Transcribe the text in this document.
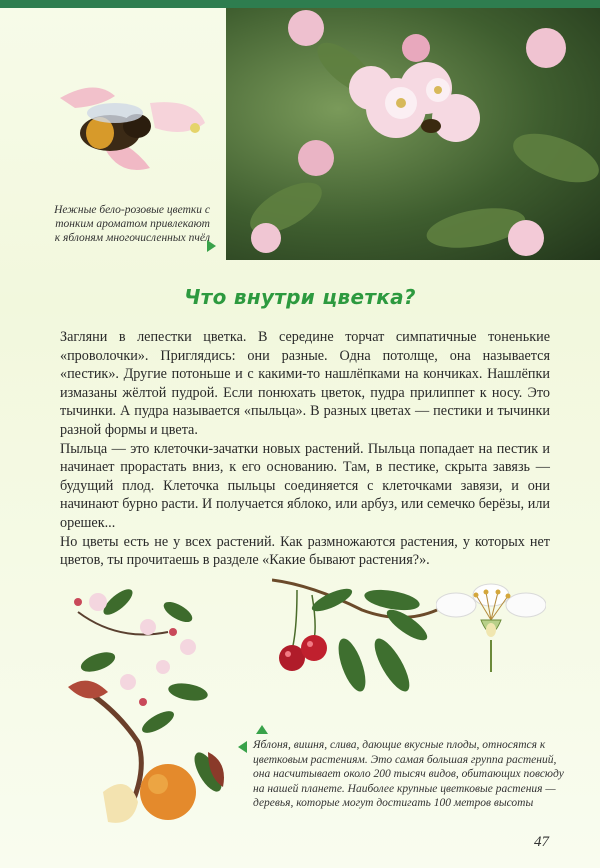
Нежные бело-розовые цветки с тонким ароматом привлекают к яблоням многочисленных пчёл
Что внутри цветка?

Загляни в лепестки цветка. В середине торчат симпатичные тоненькие «проволочки». Приглядись: они разные. Одна потолще, она называется «пестик». Другие потоньше и с какими-то нашлёпками на кончиках. Нашлёпки измазаны жёлтой пудрой. Если понюхать цветок, пудра прилиппет к носу. Это тычинки. А пудра называется «пыльца». В разных цветах — пестики и тычинки разной формы и цвета.

Пыльца — это клеточки-зачатки новых растений. Пыльца попадает на пестик и начинает прорастать вниз, к его основанию. Там, в пестике, скрыта завязь — будущий плод. Клеточка пыльцы соединяется с клеточками завязи, и они начинают бурно расти. И получается яблоко, или арбуз, или семечко берёзы, или орешек...

Но цветы есть не у всех растений. Как размножаются растения, у которых нет цветов, ты прочитаешь в разделе «Какие бывают растения?».

Яблоня, вишня, слива, дающие вкусные плоды, относятся к цветковым растениям. Это самая большая группа растений, она насчитывает около 200 тысяч видов, обитающих повсюду на нашей планете. Наиболее крупные цветковые растения — деревья, которые могут достигать 100 метров высоты
47
